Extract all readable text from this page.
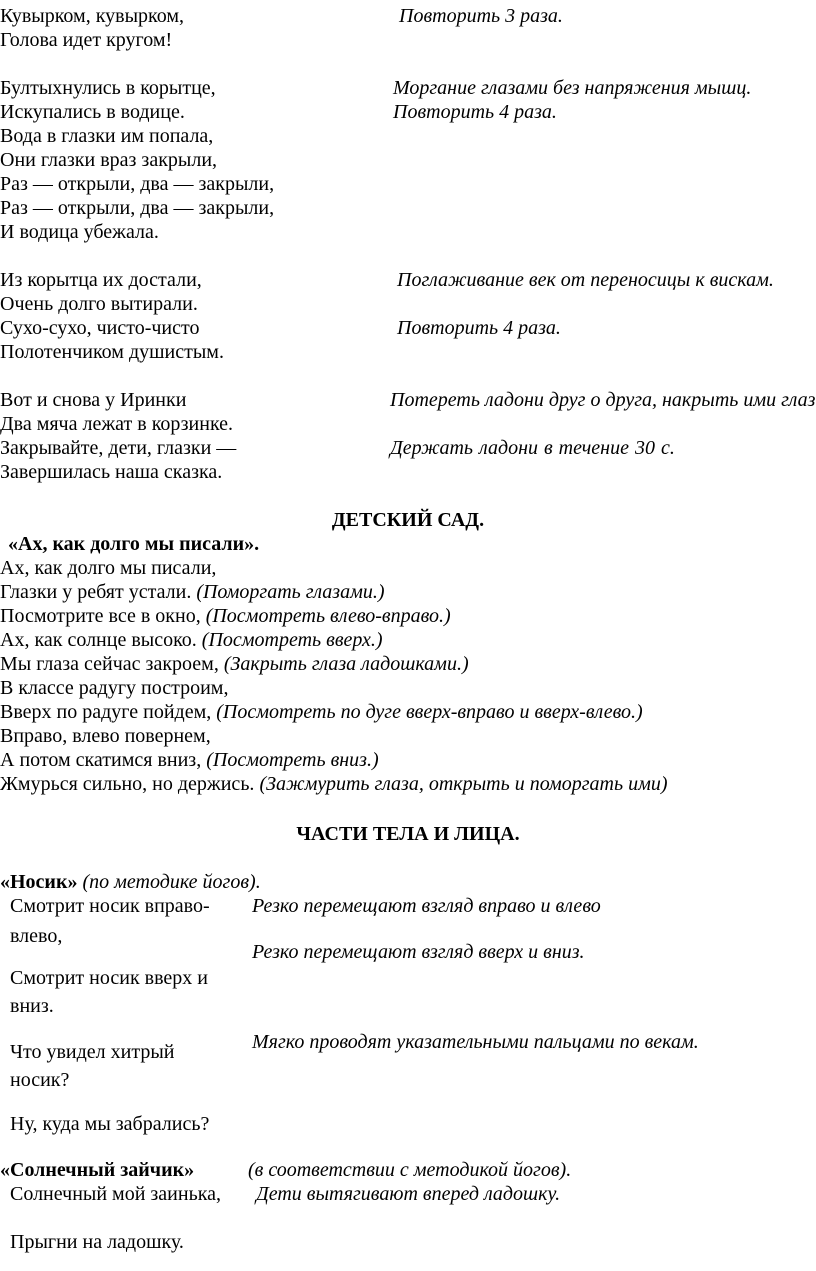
Кувырком, кувырком,
Голова идет кругом!
Бултыхнулись в корытце,
Искупались в водице.
Вода в глазки им попала,
Они глазки враз закрыли,
Раз — открыли, два — закрыли,
Раз — открыли, два — закрыли,
И водица убежала.
Из корытца их достали,
Очень долго вытирали.
Сухо-сухо, чисто-чисто
Полотенчиком душистым.
Вот и снова у Иринки
Два мяча лежат в корзинке.
Закрывайте, дети, глазки —
Завершилась наша сказка.
Повторить 3 раза.
Моргание глазами без напряжения мышц.
Повторить 4 раза.
Поглаживание век от переносицы к вискам.
Повторить 4 раза.
Потереть ладони друг о друга, накрыть ими глаз
Держать ладони в течение 30 с.
ДЕТСКИЙ САД.
«Ах, как долго мы писали».
Ах, как долго мы писали,
Глазки у ребят устали. (Поморгать глазами.)
Посмотрите все в окно, (Посмотреть влево-вправо.)
Ах, как солнце высоко. (Посмотреть вверх.)
Мы глаза сейчас закроем, (Закрыть глаза ладошками.)
В классе радугу построим,
Вверх по радуге пойдем, (Посмотреть по дуге вверх-вправо и вверх-влево.)
Вправо, влево повернем,
А потом скатимся вниз, (Посмотреть вниз.)
Жмурься сильно, но держись. (Зажмурить глаза, открыть и поморгать ими)
ЧАСТИ ТЕЛА И ЛИЦА.
«Носик» (по методике йогов).
Смотрит носик вправо-
влево,
Смотрит носик вверх и
вниз.
Что увидел хитрый
носик?
Ну, куда мы забрались?
Резко перемещают взгляд вправо и влево
Резко перемещают взгляд вверх и вниз.
Мягко проводят указательными пальцами по векам.
«Солнечный зайчик»	(в соответствии с методикой йогов).
Солнечный мой заинька, Дети вытягивают вперед ладошку.
Прыгни на ладошку.
